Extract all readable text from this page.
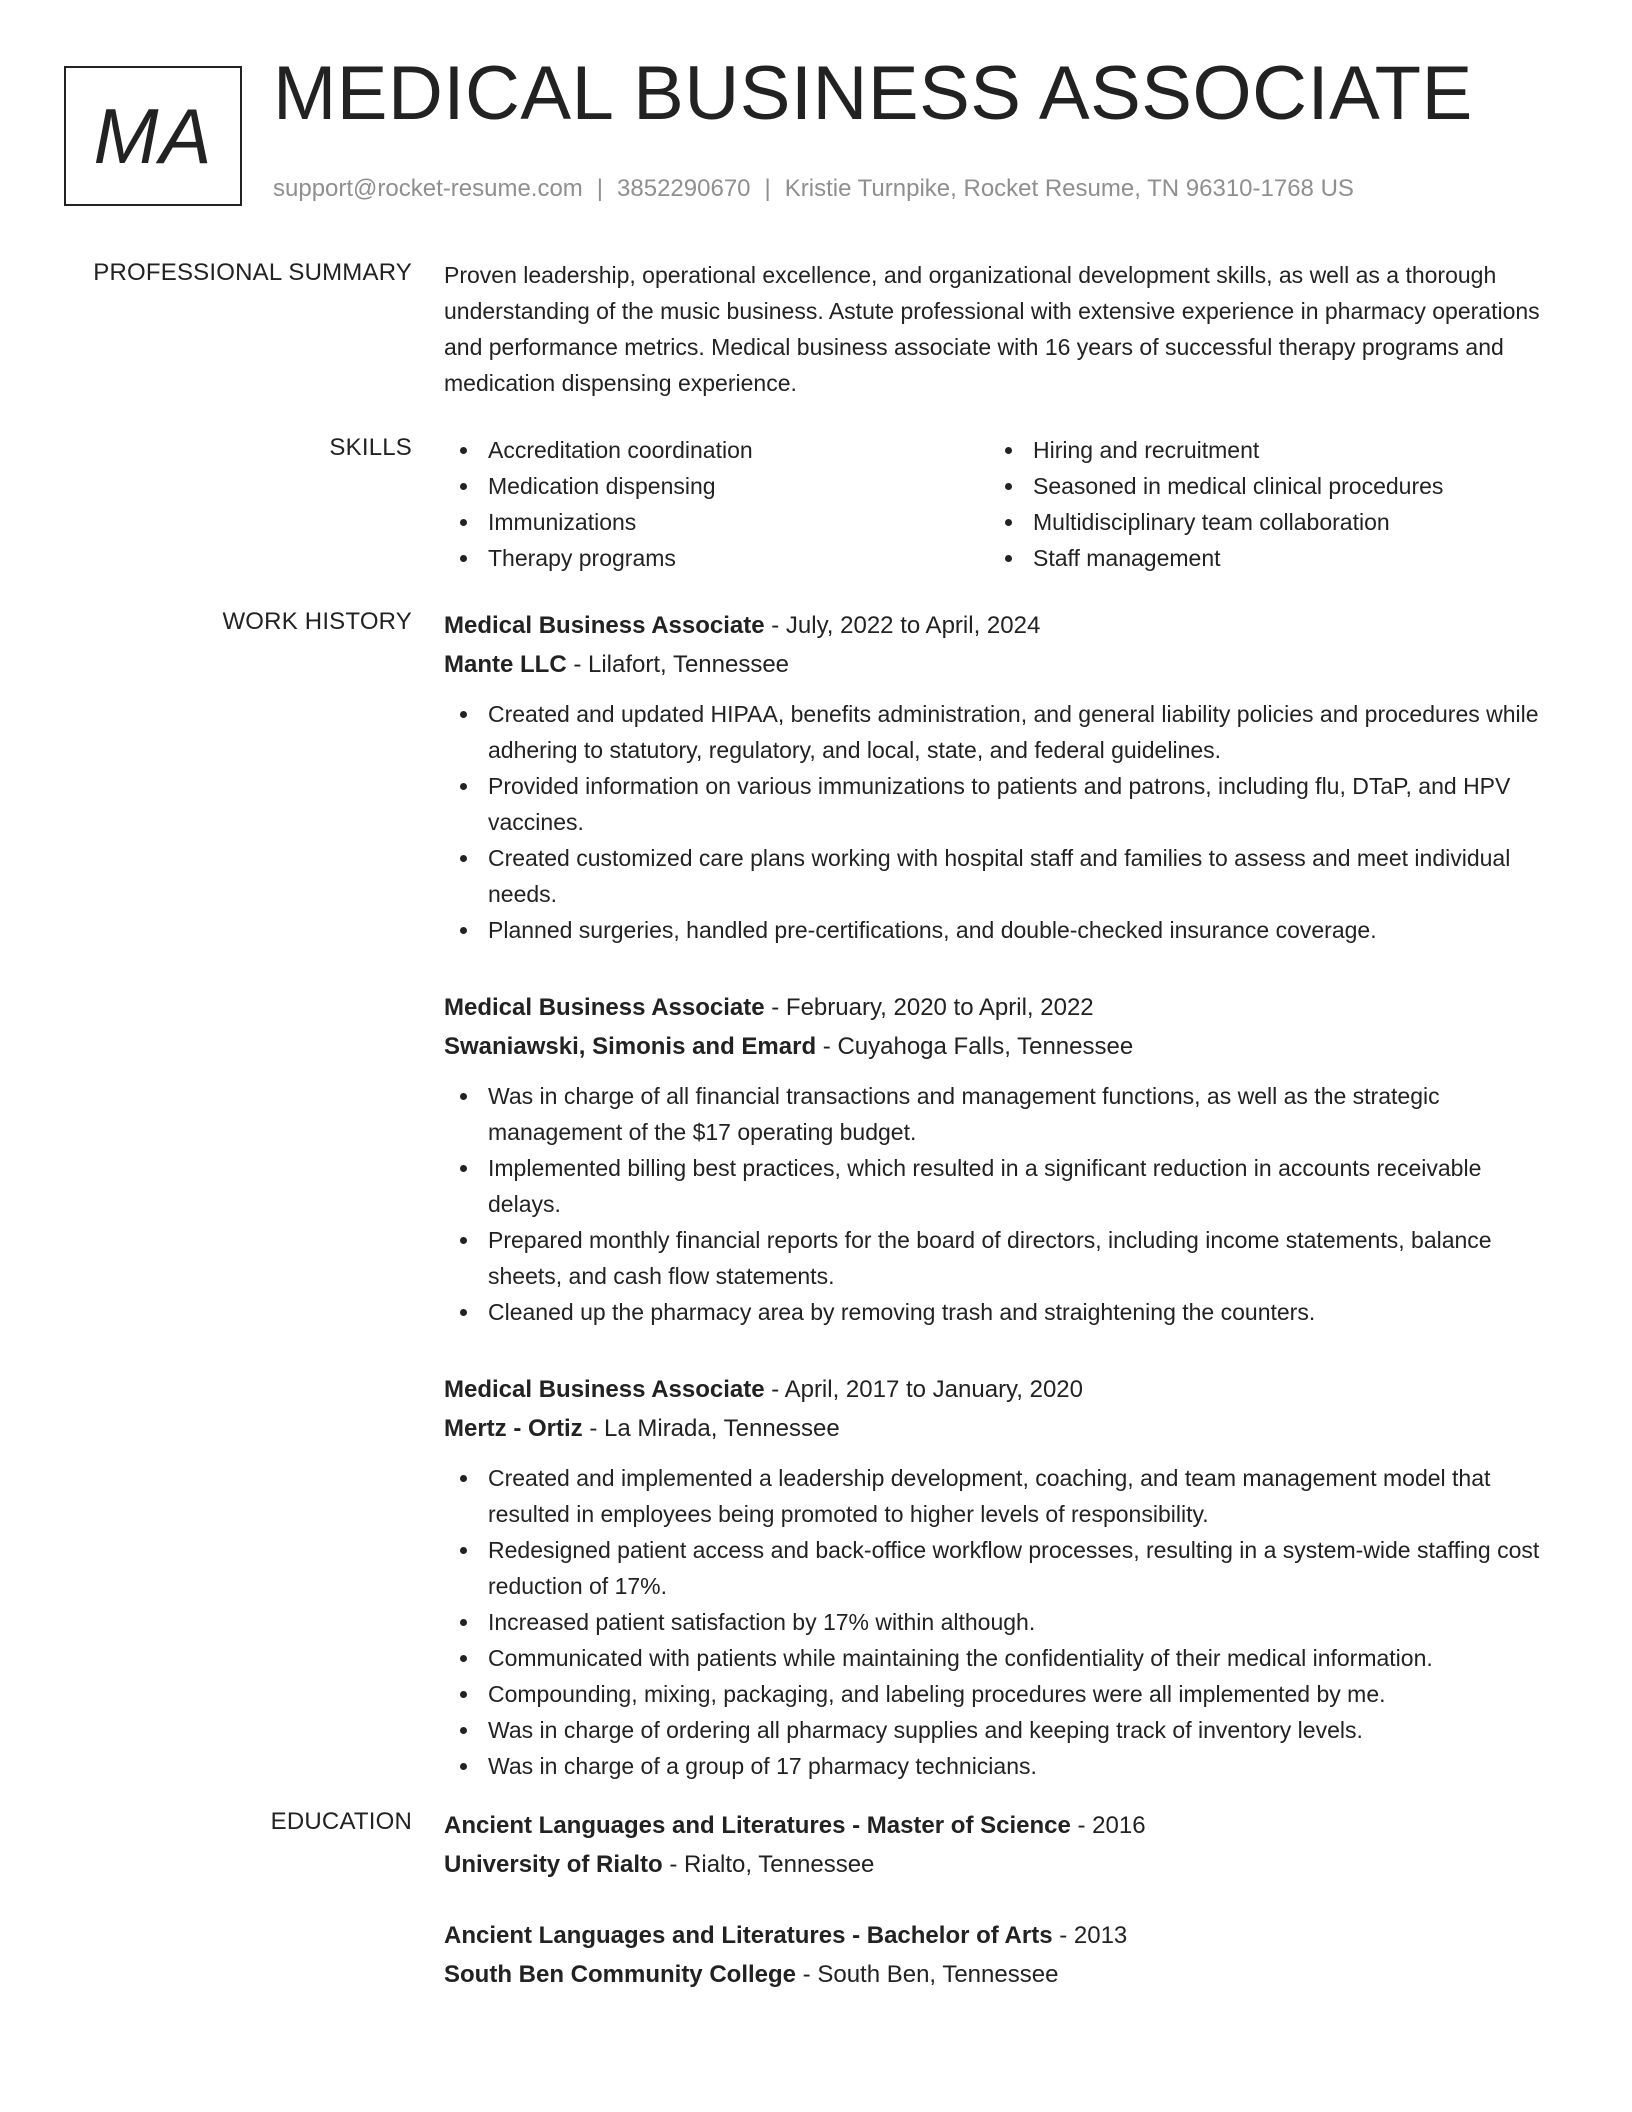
MA MEDICAL BUSINESS ASSOCIATE
support@rocket-resume.com | 3852290670 | Kristie Turnpike, Rocket Resume, TN 96310-1768 US
PROFESSIONAL SUMMARY Proven leadership, operational excellence, and organizational development skills, as well as a thorough understanding of the music business. Astute professional with extensive experience in pharmacy operations and performance metrics. Medical business associate with 16 years of successful therapy programs and medication dispensing experience.

SKILLS	Accreditation coordination
Medication dispensing
Immunizations
Therapy programs
Hiring and recruitment
Seasoned in medical clinical procedures
Multidisciplinary team collaboration
Staff management
WORK HISTORY Medical Business Associate - July, 2022 to April, 2024
Mante LLC - Lilafort, Tennessee
Created and updated HIPAA, benefits administration, and general liability policies and procedures while adhering to statutory, regulatory, and local, state, and federal guidelines.
Provided information on various immunizations to patients and patrons, including flu, DTaP, and HPV vaccines.
Created customized care plans working with hospital staff and families to assess and meet individual needs.
Planned surgeries, handled pre-certifications, and double-checked insurance coverage.
Medical Business Associate - February, 2020 to April, 2022
Swaniawski, Simonis and Emard - Cuyahoga Falls, Tennessee
Was in charge of all financial transactions and management functions, as well as the strategic management of the $17 operating budget.
Implemented billing best practices, which resulted in a significant reduction in accounts receivable delays.
Prepared monthly financial reports for the board of directors, including income statements, balance sheets, and cash flow statements.
Cleaned up the pharmacy area by removing trash and straightening the counters.
Medical Business Associate - April, 2017 to January, 2020
Mertz - Ortiz - La Mirada, Tennessee
Created and implemented a leadership development, coaching, and team management model that resulted in employees being promoted to higher levels of responsibility.
Redesigned patient access and back-office workflow processes, resulting in a system-wide staffing cost reduction of 17%.
Increased patient satisfaction by 17% within although.
Communicated with patients while maintaining the confidentiality of their medical information.
Compounding, mixing, packaging, and labeling procedures were all implemented by me.
Was in charge of ordering all pharmacy supplies and keeping track of inventory levels.
Was in charge of a group of 17 pharmacy technicians.
EDUCATION Ancient Languages and Literatures - Master of Science - 2016
University of Rialto - Rialto, Tennessee
Ancient Languages and Literatures - Bachelor of Arts - 2013
South Ben Community College - South Ben, Tennessee
